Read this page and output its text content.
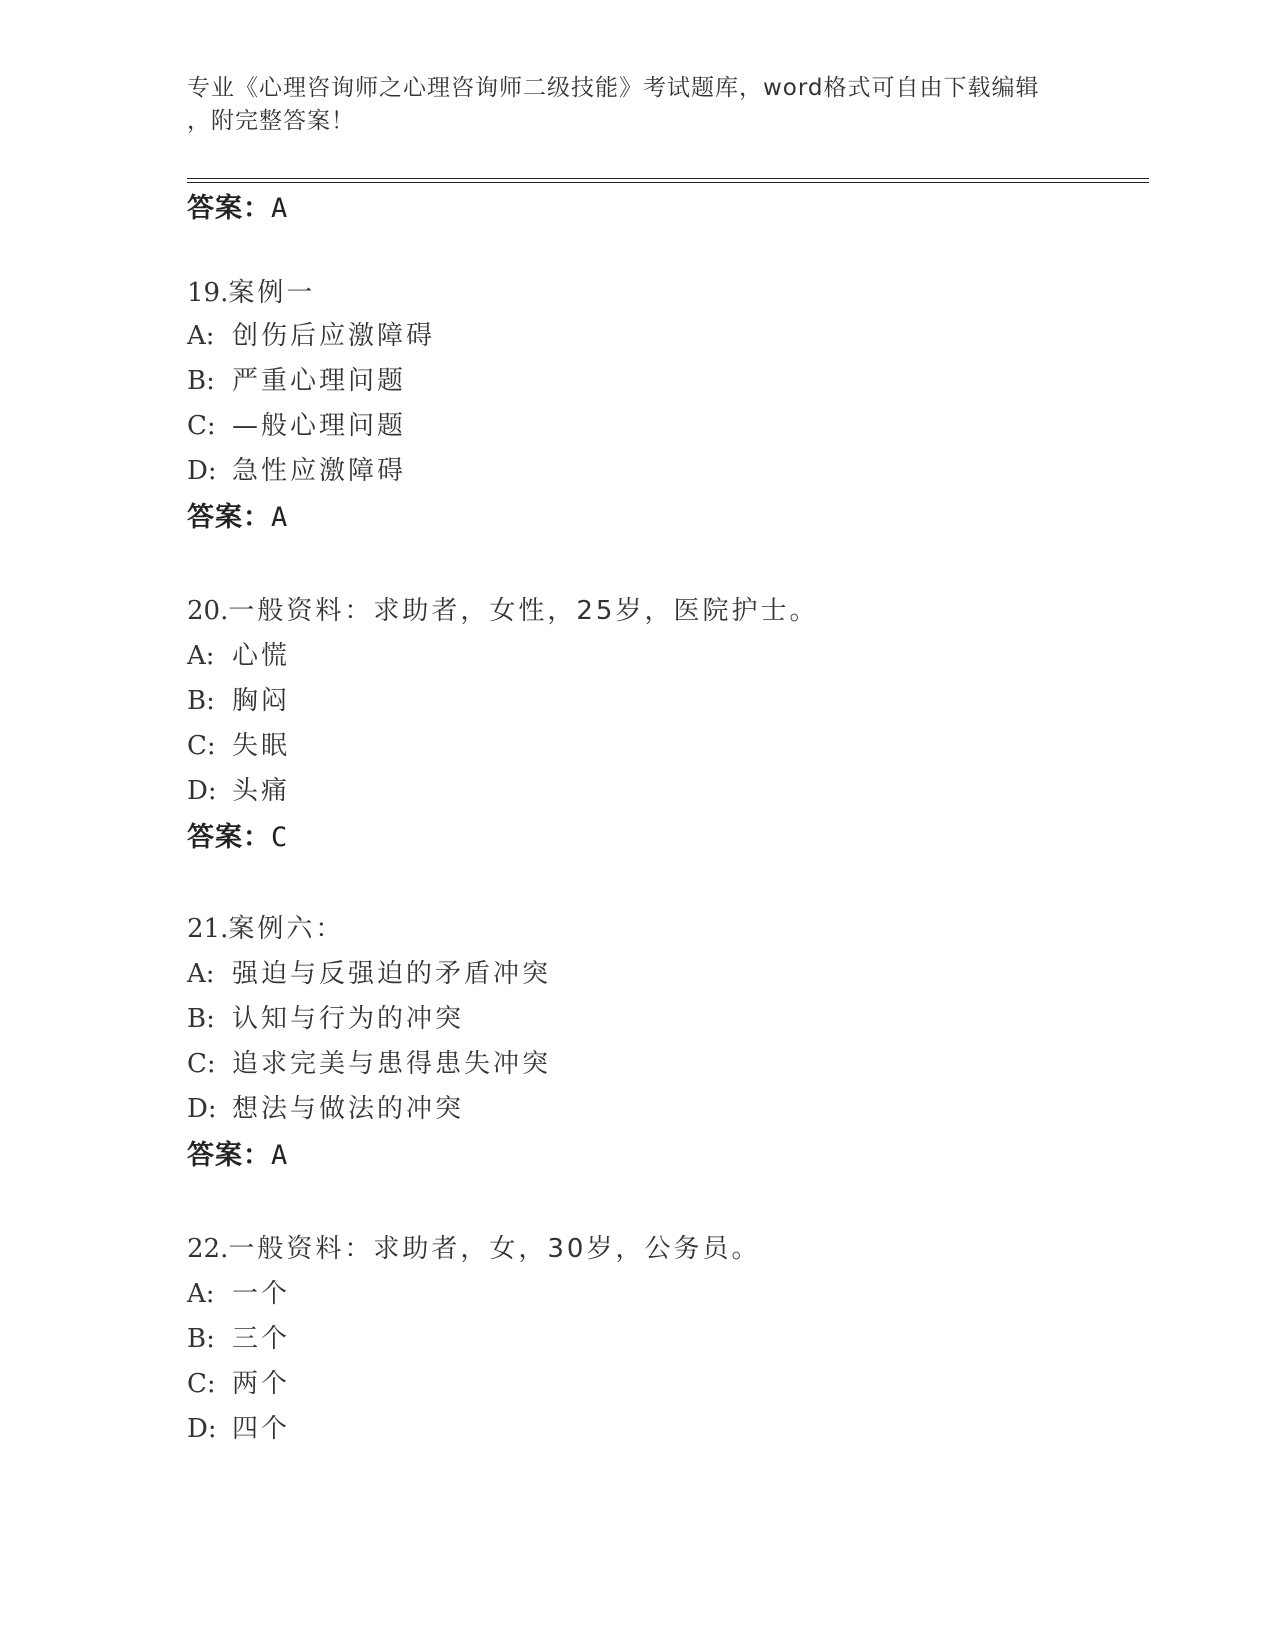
专业《心理咨询师之心理咨询师二级技能》考试题库，word格式可自由下载编辑
，附完整答案！
答案：A
19.案例一
A: 创伤后应激障碍
B: 严重心理问题
C: —般心理问题
D: 急性应激障碍
答案：A
20.一般资料：求助者，女性，25岁，医院护士。
A: 心慌
B: 胸闷
C: 失眠
D: 头痛
答案：C
21.案例六：
A: 强迫与反强迫的矛盾冲突
B: 认知与行为的冲突
C: 追求完美与患得患失冲突
D: 想法与做法的冲突
答案：A
22.一般资料：求助者，女，30岁，公务员。
A: 一个
B: 三个
C: 两个
D: 四个
